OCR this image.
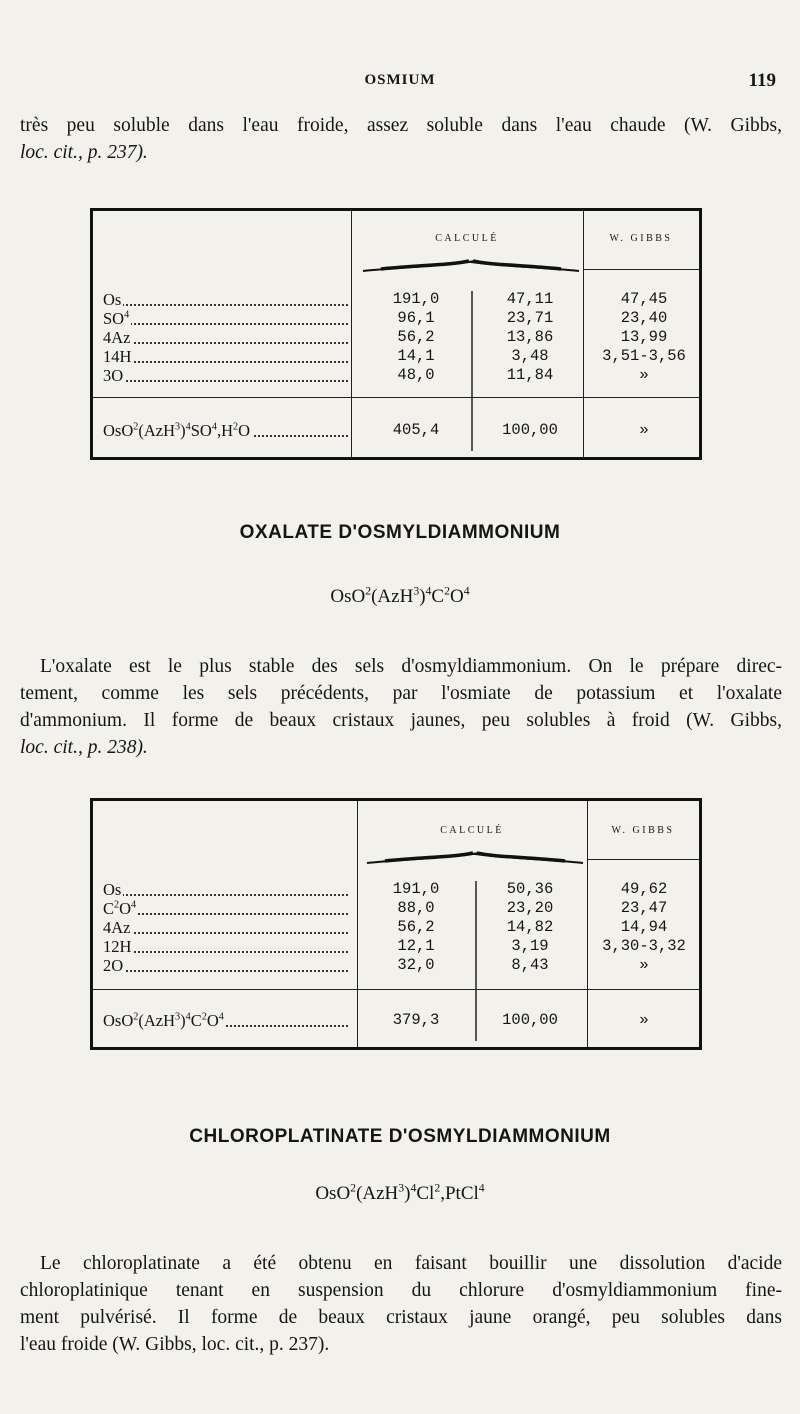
OSMIUM	119
très peu soluble dans l'eau froide, assez soluble dans l'eau chaude (W. Gibbs,
loc. cit., p. 237).
CALCULÉ	W. GIBBS
Os	191,0	47,11	47,45
$SO^4$	96,1	23,71	23,40
4Az	56,2	13,86	13,99
14H	14,1	3,48	3,51-3,56
3O	48,0	11,84	»
$OsO^2(AzH^3)^4SO^4,H^2O$	405,4	100,00	»
OXALATE D'OSMYLDIAMMONIUM
$OsO^2(AzH^3)^4C^2O^4$
L'oxalate est le plus stable des sels d'osmyldiammonium. On le prépare direc-
tement, comme les sels précédents, par l'osmiate de potassium et l'oxalate
d'ammonium. Il forme de beaux cristaux jaunes, peu solubles à froid (W. Gibbs,
loc. cit., p. 238).
CALCULÉ	W. GIBBS
Os	191,0	50,36	49,62
$C^2O^4$	88,0	23,20	23,47
4Az	56,2	14,82	14,94
12H	12,1	3,19	3,30-3,32
2O	32,0	8,43	»
$OsO^2(AzH^3)^4C^2O^4$	379,3	100,00	»
CHLOROPLATINATE D'OSMYLDIAMMONIUM
$OsO^2(AzH^3)^4Cl^2,PtCl^4$
Le chloroplatinate a été obtenu en faisant bouillir une dissolution d'acide
chloroplatinique tenant en suspension du chlorure d'osmyldiammonium fine-
ment pulvérisé. Il forme de beaux cristaux jaune orangé, peu solubles dans
l'eau froide (W. Gibbs, loc. cit., p. 237).
